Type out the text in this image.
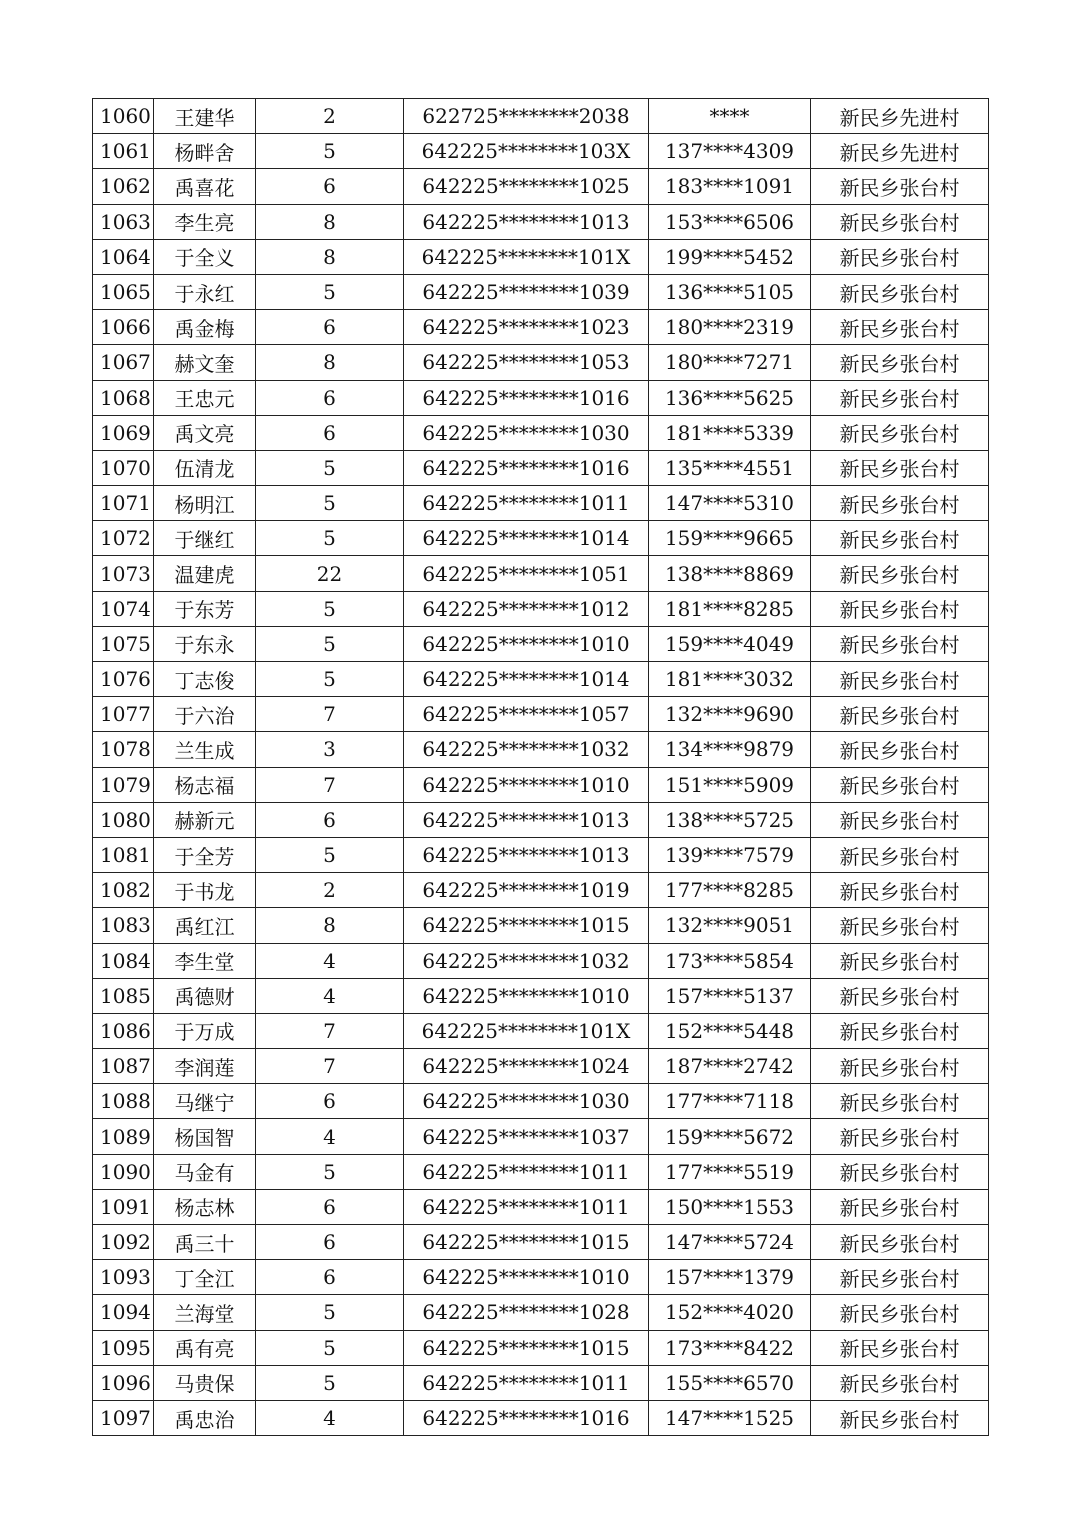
1060	王建华	2	622725********2038	****	新民乡先进村
1061	杨畔舍	5	642225********103X	137****4309	新民乡先进村
1062	禹喜花	6	642225********1025	183****1091	新民乡张台村
1063	李生亮	8	642225********1013	153****6506	新民乡张台村
1064	于全义	8	642225********101X	199****5452	新民乡张台村
1065	于永红	5	642225********1039	136****5105	新民乡张台村
1066	禹金梅	6	642225********1023	180****2319	新民乡张台村
1067	赫文奎	8	642225********1053	180****7271	新民乡张台村
1068	王忠元	6	642225********1016	136****5625	新民乡张台村
1069	禹文亮	6	642225********1030	181****5339	新民乡张台村
1070	伍清龙	5	642225********1016	135****4551	新民乡张台村
1071	杨明江	5	642225********1011	147****5310	新民乡张台村
1072	于继红	5	642225********1014	159****9665	新民乡张台村
1073	温建虎	22	642225********1051	138****8869	新民乡张台村
1074	于东芳	5	642225********1012	181****8285	新民乡张台村
1075	于东永	5	642225********1010	159****4049	新民乡张台村
1076	丁志俊	5	642225********1014	181****3032	新民乡张台村
1077	于六治	7	642225********1057	132****9690	新民乡张台村
1078	兰生成	3	642225********1032	134****9879	新民乡张台村
1079	杨志福	7	642225********1010	151****5909	新民乡张台村
1080	赫新元	6	642225********1013	138****5725	新民乡张台村
1081	于全芳	5	642225********1013	139****7579	新民乡张台村
1082	于书龙	2	642225********1019	177****8285	新民乡张台村
1083	禹红江	8	642225********1015	132****9051	新民乡张台村
1084	李生堂	4	642225********1032	173****5854	新民乡张台村
1085	禹德财	4	642225********1010	157****5137	新民乡张台村
1086	于万成	7	642225********101X	152****5448	新民乡张台村
1087	李润莲	7	642225********1024	187****2742	新民乡张台村
1088	马继宁	6	642225********1030	177****7118	新民乡张台村
1089	杨国智	4	642225********1037	159****5672	新民乡张台村
1090	马金有	5	642225********1011	177****5519	新民乡张台村
1091	杨志林	6	642225********1011	150****1553	新民乡张台村
1092	禹三十	6	642225********1015	147****5724	新民乡张台村
1093	丁全江	6	642225********1010	157****1379	新民乡张台村
1094	兰海堂	5	642225********1028	152****4020	新民乡张台村
1095	禹有亮	5	642225********1015	173****8422	新民乡张台村
1096	马贵保	5	642225********1011	155****6570	新民乡张台村
1097	禹忠治	4	642225********1016	147****1525	新民乡张台村
